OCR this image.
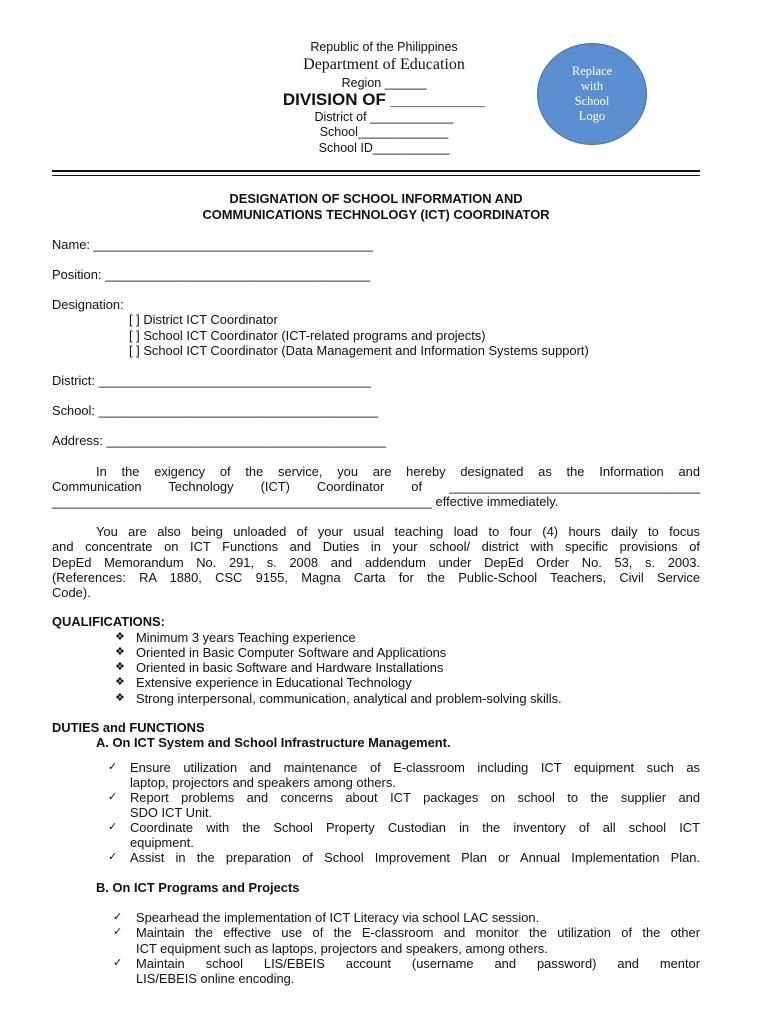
Republic of the Philippines
Department of Education
Region ______
DIVISION OF __________
District of ____________
School_____________
School ID___________
Replace
with
School
Logo
DESIGNATION OF SCHOOL INFORMATION AND
COMMUNICATIONS TECHNOLOGY (ICT) COORDINATOR
Name: _______________________________________
Position: _____________________________________
Designation:
[ ] District ICT Coordinator
[ ] School ICT Coordinator (ICT-related programs and projects)
[ ] School ICT Coordinator (Data Management and Information Systems support)
District: ______________________________________
School: _______________________________________
Address: _______________________________________
In the exigency of the service, you are hereby designated as the Information and
Communication Technology (ICT) Coordinator of ___________________________________
_____________________________________________________ effective immediately.
You are also being unloaded of your usual teaching load to four (4) hours daily to focus
and concentrate on ICT Functions and Duties in your school/ district with specific provisions of
DepEd Memorandum No. 291, s. 2008 and addendum under DepEd Order No. 53, s. 2003.
(References: RA 1880, CSC 9155, Magna Carta for the Public-School Teachers, Civil Service
Code).
QUALIFICATIONS:
❖ Minimum 3 years Teaching experience
❖ Oriented in Basic Computer Software and Applications
❖ Oriented in basic Software and Hardware Installations
❖ Extensive experience in Educational Technology
❖ Strong interpersonal, communication, analytical and problem-solving skills.
DUTIES and FUNCTIONS
A. On ICT System and School Infrastructure Management.
✓ Ensure utilization and maintenance of E-classroom including ICT equipment such as
laptop, projectors and speakers among others.
✓ Report problems and concerns about ICT packages on school to the supplier and
SDO ICT Unit.
✓ Coordinate with the School Property Custodian in the inventory of all school ICT
equipment.
✓ Assist in the preparation of School Improvement Plan or Annual Implementation Plan.
B. On ICT Programs and Projects
✓ Spearhead the implementation of ICT Literacy via school LAC session.
✓ Maintain the effective use of the E-classroom and monitor the utilization of the other
ICT equipment such as laptops, projectors and speakers, among others.
✓ Maintain school LIS/EBEIS account (username and password) and mentor
LIS/EBEIS online encoding.
